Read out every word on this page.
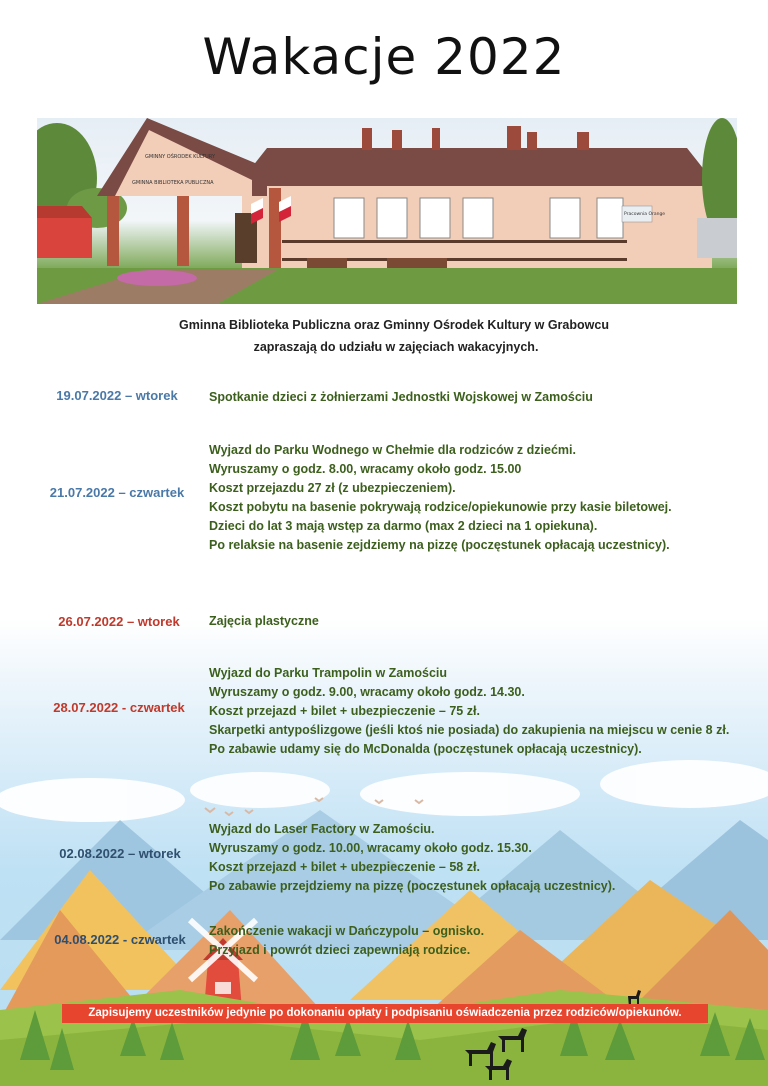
Wakacje 2022
GMINNY OŚRODEK KULTURY
GMINNA BIBLIOTEKA PUBLICZNA
Pracownia Orange
Gminna Biblioteka Publiczna oraz Gminny Ośrodek Kultury w Grabowcu
zapraszają do udziału w zajęciach wakacyjnych.
19.07.2022 – wtorek	Spotkanie dzieci z żołnierzami Jednostki Wojskowej w Zamościu
21.07.2022 – czwartek
Wyjazd do Parku Wodnego w Chełmie dla rodziców z dziećmi.
Wyruszamy o godz. 8.00, wracamy około godz. 15.00
Koszt przejazdu 27 zł (z ubezpieczeniem).
Koszt pobytu na basenie pokrywają rodzice/opiekunowie przy kasie biletowej.
Dzieci do lat 3 mają wstęp za darmo (max 2 dzieci na 1 opiekuna).
Po relaksie na basenie zejdziemy na pizzę (poczęstunek opłacają uczestnicy).
26.07.2022 – wtorek	Zajęcia plastyczne
28.07.2022 - czwartek
Wyjazd do Parku Trampolin w Zamościu
Wyruszamy o godz. 9.00, wracamy około godz. 14.30.
Koszt przejazd + bilet + ubezpieczenie – 75 zł.
Skarpetki antypoślizgowe (jeśli ktoś nie posiada) do zakupienia na miejscu w cenie 8 zł.
Po zabawie udamy się do McDonalda (poczęstunek opłacają uczestnicy).
02.08.2022 – wtorek
Wyjazd do Laser Factory w Zamościu.
Wyruszamy o godz. 10.00, wracamy około godz. 15.30.
Koszt przejazd + bilet + ubezpieczenie – 58 zł.
Po zabawie przejdziemy na pizzę (poczęstunek opłacają uczestnicy).
04.08.2022 - czwartek
Zakończenie wakacji w Dańczypolu – ognisko.
Przyjazd i powrót dzieci zapewniają rodzice.
Zapisujemy uczestników jedynie po dokonaniu opłaty i podpisaniu oświadczenia przez rodziców/opiekunów.
